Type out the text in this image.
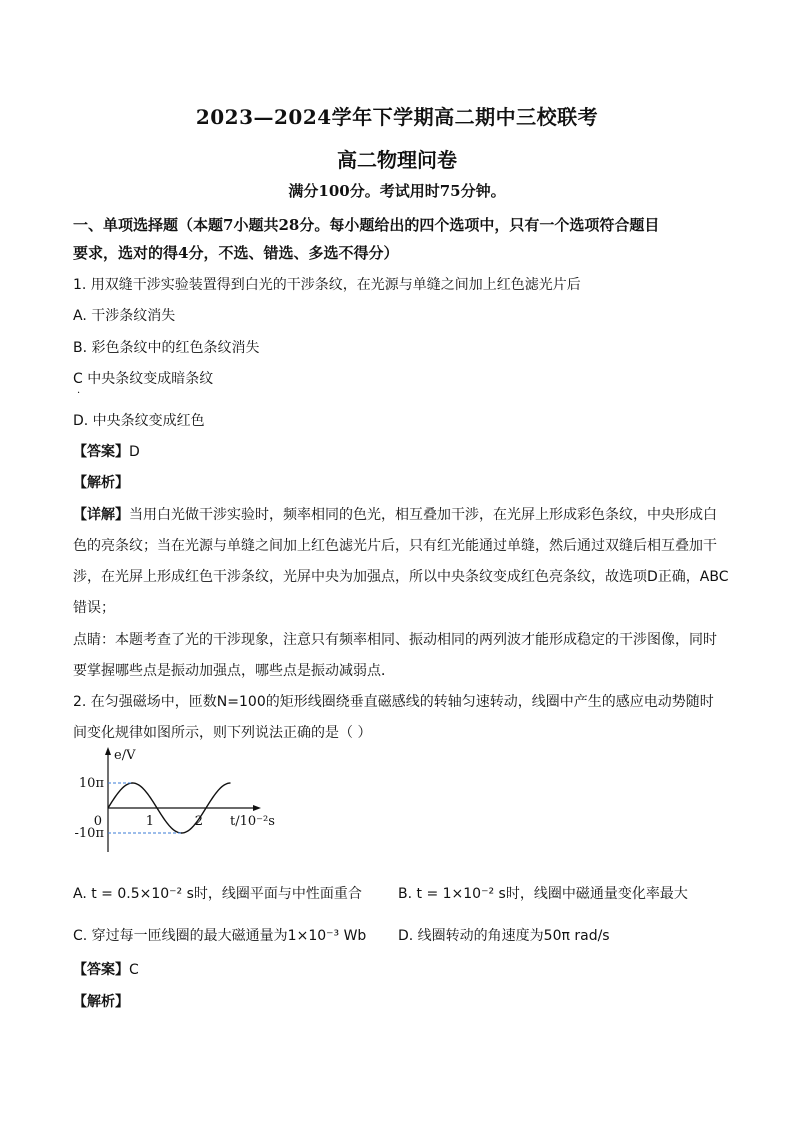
2023—2024学年下学期高二期中三校联考
高二物理问卷
满分100分。考试用时75分钟。
一、单项选择题（本题7小题共28分。每小题给出的四个选项中，只有一个选项符合题目
要求，选对的得4分，不选、错选、多选不得分）
1. 用双缝干涉实验装置得到白光的干涉条纹，在光源与单缝之间加上红色滤光片后
A. 干涉条纹消失
B. 彩色条纹中的红色条纹消失
C 中央条纹变成暗条纹
·
D. 中央条纹变成红色
【答案】D
【解析】
【详解】当用白光做干涉实验时，频率相同的色光，相互叠加干涉，在光屏上形成彩色条纹，中央形成白
色的亮条纹；当在光源与单缝之间加上红色滤光片后，只有红光能通过单缝，然后通过双缝后相互叠加干
涉，在光屏上形成红色干涉条纹，光屏中央为加强点，所以中央条纹变成红色亮条纹，故选项D正确，ABC
错误；
点睛：本题考查了光的干涉现象，注意只有频率相同、振动相同的两列波才能形成稳定的干涉图像，同时
要掌握哪些点是振动加强点，哪些点是振动减弱点．
2. 在匀强磁场中，匝数N=100的矩形线圈绕垂直磁感线的转轴匀速转动，线圈中产生的感应电动势随时
间变化规律如图所示，则下列说法正确的是（ ）
e/V
10π
-10π
0	1	2 t/10⁻²s
A. t = 0.5×10⁻² s时，线圈平面与中性面重合	B. t = 1×10⁻² s时，线圈中磁通量变化率最大
C. 穿过每一匝线圈的最大磁通量为1×10⁻³ Wb D. 线圈转动的角速度为50π rad/s
【答案】C
【解析】
